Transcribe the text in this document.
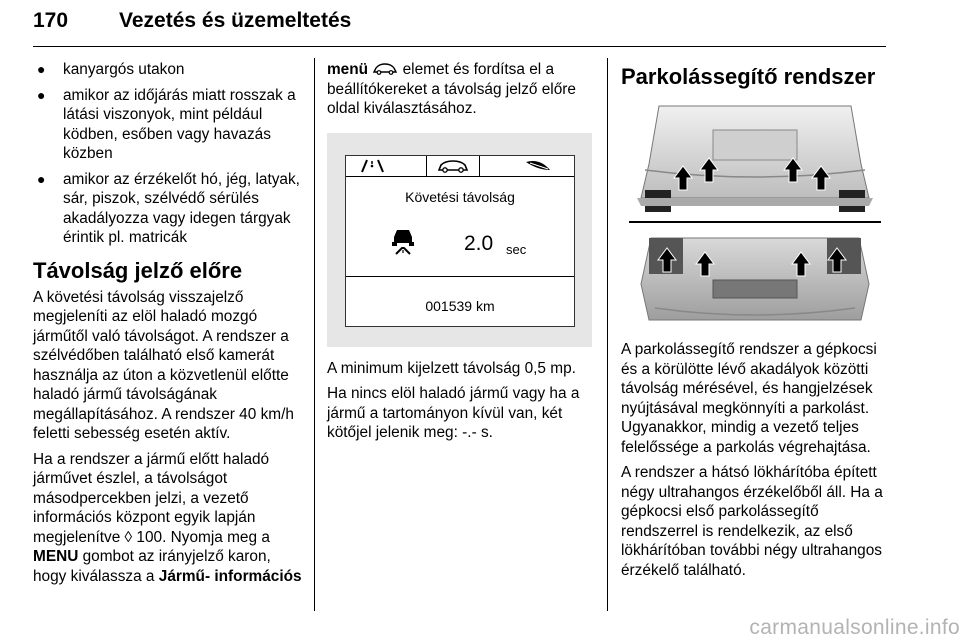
170 Vezetés és üzemeltetés
● kanyargós utakon
● amikor az időjárás miatt rosszak a látási viszonyok, mint például ködben, esőben vagy havazás közben
● amikor az érzékelőt hó, jég, latyak, sár, piszok, szélvédő sérülés akadályozza vagy idegen tárgyak érintik pl. matricák
Távolság jelző előre

A követési távolság visszajelző megjeleníti az elöl haladó mozgó járműtől való távolságot. A rendszer a szélvédőben található első kamerát használja az úton a közvetlenül előtte haladó jármű távolságának megállapításához. A rendszer 40 km/h feletti sebesség esetén aktív.

Ha a rendszer a jármű előtt haladó járművet észlel, a távolságot másodpercekben jelzi, a vezető információs központ egyik lapján megjelenítve ◊ 100. Nyomja meg a MENU gombot az irányjelző karon, hogy kiválassza a Jármű- információs

menü  elemet és fordítsa el a beállítókereket a távolság jelző előre oldal kiválasztásához.

Követési távolság
2.0 sec
001539 km

A minimum kijelzett távolság 0,5 mp.

Ha nincs elöl haladó jármű vagy ha a jármű a tartományon kívül van, két kötőjel jelenik meg: -.- s.

Parkolássegítő rendszer

A parkolássegítő rendszer a gépkocsi és a körülötte lévő akadályok közötti távolság mérésével, és hangjelzések nyújtásával megkönnyíti a parkolást. Ugyanakkor, mindig a vezető teljes felelőssége a parkolás végrehajtása.

A rendszer a hátsó lökhárítóba épített négy ultrahangos érzékelőből áll. Ha a gépkocsi első parkolássegítő rendszerrel is rendelkezik, az első lökhárítóban további négy ultrahangos érzékelő található.

carmanualsonline.info
